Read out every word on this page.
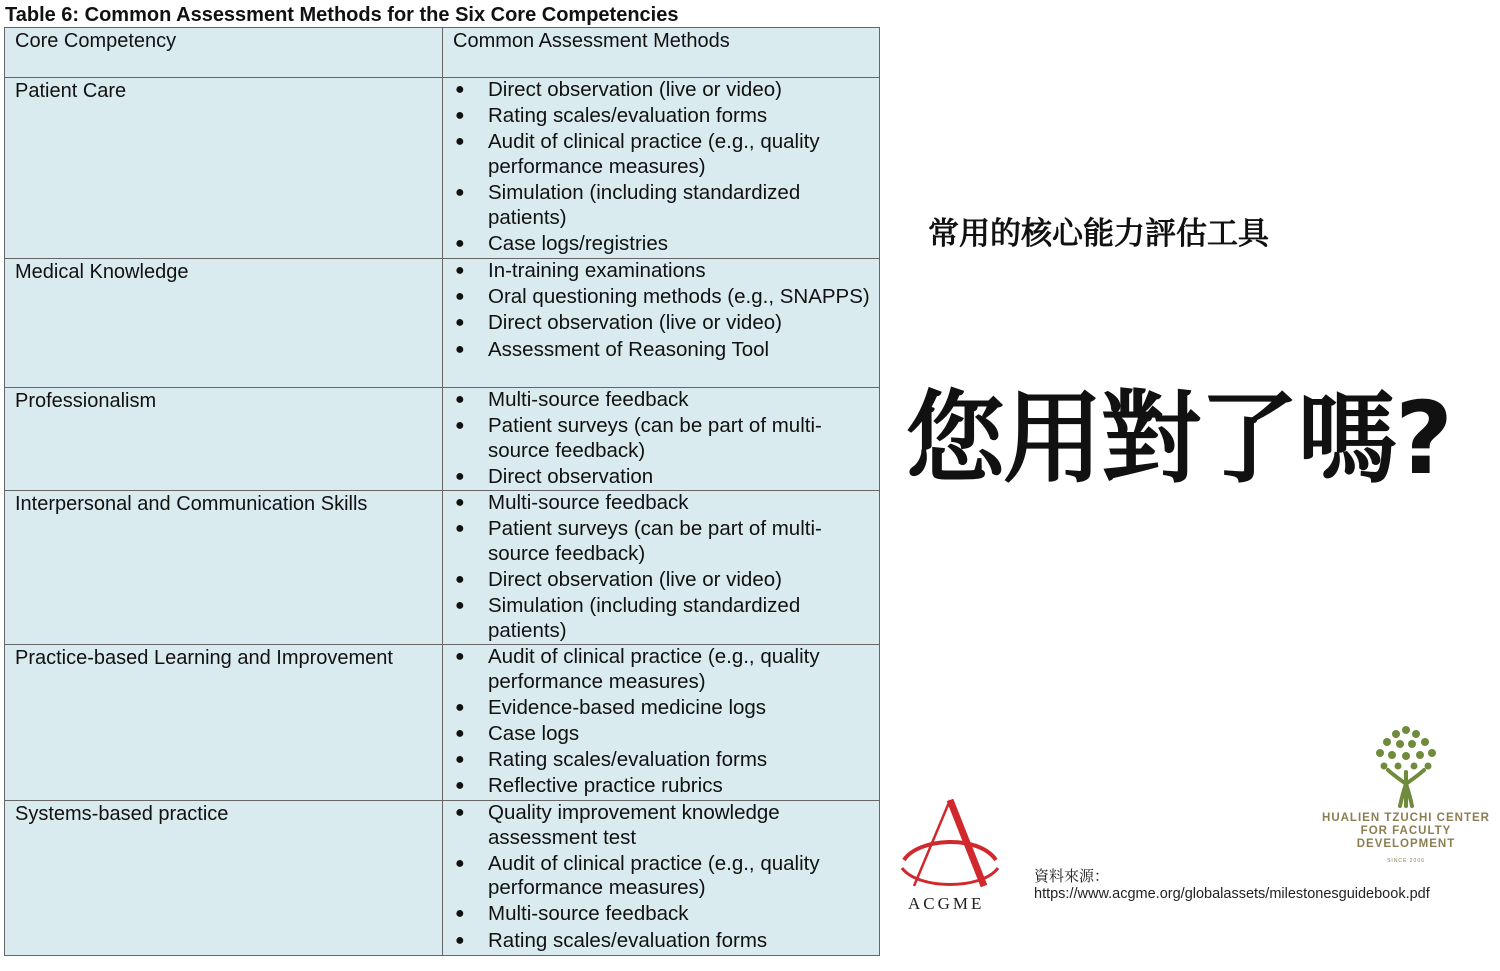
Table 6: Common Assessment Methods for the Six Core Competencies
Core Competency	Common Assessment Methods
Patient Care	● Direct observation (live or video)
● Rating scales/evaluation forms
● Audit of clinical practice (e.g., quality performance measures)
● Simulation (including standardized patients)
● Case logs/registries
Medical Knowledge	● In-training examinations
● Oral questioning methods (e.g., SNAPPS)
● Direct observation (live or video)
● Assessment of Reasoning Tool
Professionalism	● Multi-source feedback
● Patient surveys (can be part of multi-source feedback)
● Direct observation
Interpersonal and Communication Skills	● Multi-source feedback
● Patient surveys (can be part of multi-source feedback)
● Direct observation (live or video)
● Simulation (including standardized patients)
Practice-based Learning and Improvement	● Audit of clinical practice (e.g., quality performance measures)
● Evidence-based medicine logs
● Case logs
● Rating scales/evaluation forms
● Reflective practice rubrics
Systems-based practice	● Quality improvement knowledge assessment test
● Audit of clinical practice (e.g., quality performance measures)
● Multi-source feedback
● Rating scales/evaluation forms
常用的核心能力評估工具
您用對了嗎?
ACGME
資料來源：
https://www.acgme.org/globalassets/milestonesguidebook.pdf
HUALIEN TZUCHI CENTER FOR FACULTY DEVELOPMENT
SINCE 2006
